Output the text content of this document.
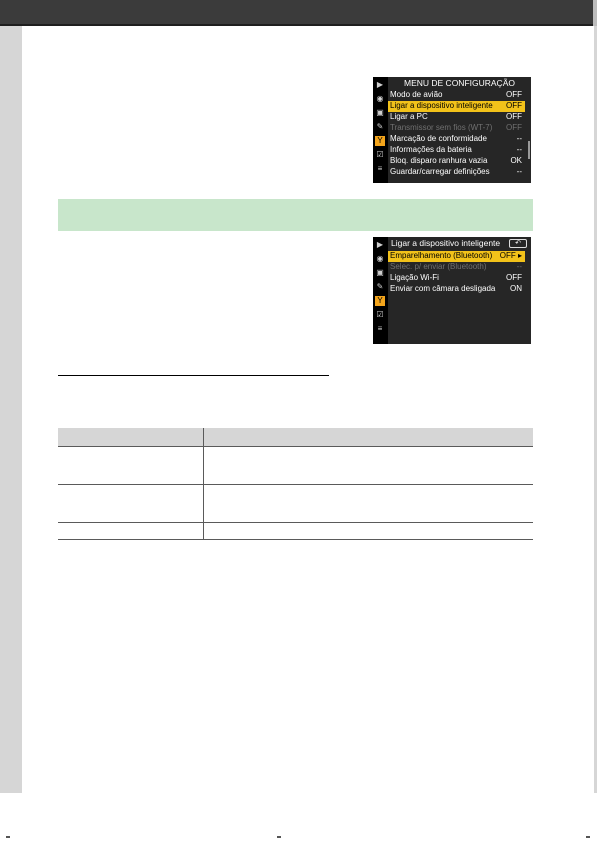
▶
◉
▣
✎
Y
☑
≡
MENU DE CONFIGURAÇÃO
Modo de avião	OFF
Ligar a dispositivo inteligente OFF
Ligar a PC	OFF
Transmissor sem fios (WT-7) OFF
Marcação de conformidade	--
Informações da bateria	--
Bloq. disparo ranhura vazia	OK
Guardar/carregar definições	--
▶
◉
▣
✎
Y
☑
≡
Ligar a dispositivo inteligente	↶
Emparelhamento (Bluetooth) OFF ▸
Selec. p/ enviar (Bluetooth)	--
Ligação Wi-Fi	OFF
Enviar com câmara desligada ON
